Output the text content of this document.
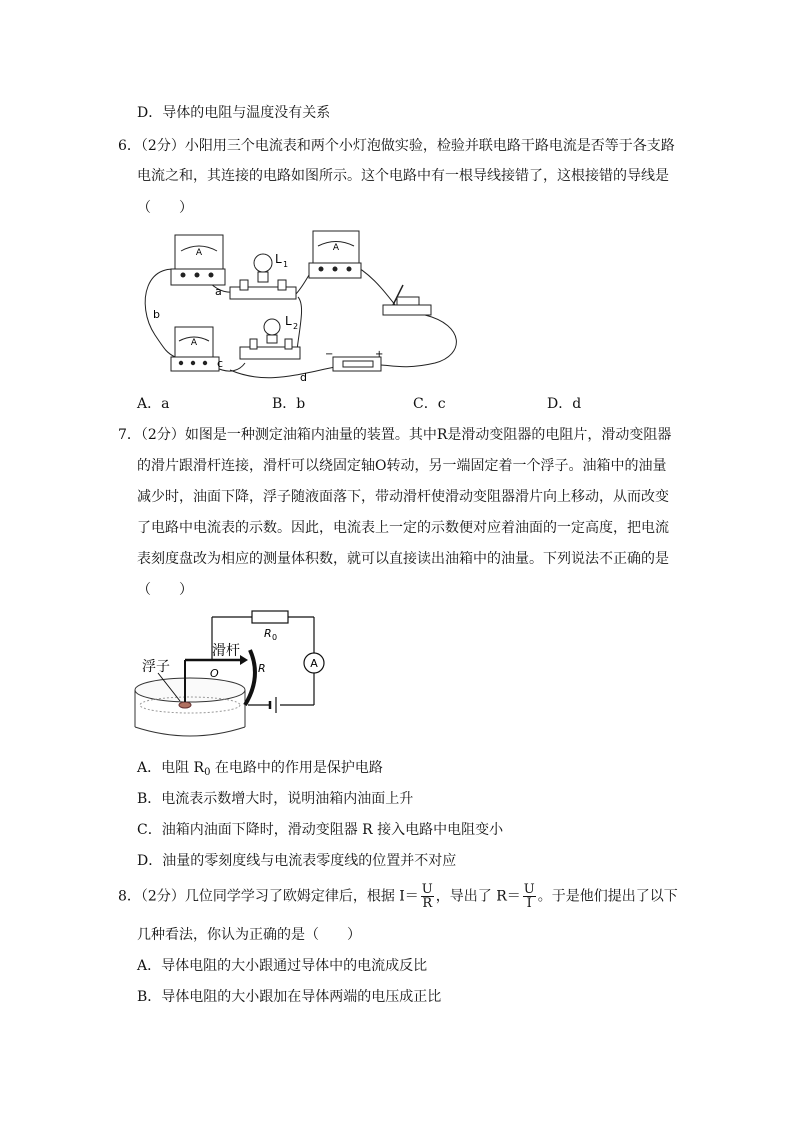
D．导体的电阻与温度没有关系
6．（2分）小阳用三个电流表和两个小灯泡做实验，检验并联电路干路电流是否等于各支路
电流之和，其连接的电路如图所示。这个电路中有一根导线接错了，这根接错的导线是
（　　）
A	L 1
A
A
L 2
−	+
a
b
c
d
A．a	B．b	C．c	D．d
7．（2分）如图是一种测定油箱内油量的装置。其中R是滑动变阻器的电阻片，滑动变阻器
的滑片跟滑杆连接，滑杆可以绕固定轴O转动，另一端固定着一个浮子。油箱中的油量
减少时，油面下降，浮子随液面落下，带动滑杆使滑动变阻器滑片向上移动，从而改变
了电路中电流表的示数。因此，电流表上一定的示数便对应着油面的一定高度，把电流
表刻度盘改为相应的测量体积数，就可以直接读出油箱中的油量。下列说法不正确的是
（　　）
R 0
A
浮子
滑杆
O	R
A．电阻 $R_0$ 在电路中的作用是保护电路
B．电流表示数增大时，说明油箱内油面上升
C．油箱内油面下降时，滑动变阻器 R 接入电路中电阻变小
D．油量的零刻度线与电流表零度线的位置并不对应
8．（2分）几位同学学习了欧姆定律后，根据 $I= \frac{U}{R}$ ，导出了 $R= \frac{U}{I}$ 。于是他们提出了以下
几种看法，你认为正确的是（　　）
A．导体电阻的大小跟通过导体中的电流成反比
B．导体电阻的大小跟加在导体两端的电压成正比
